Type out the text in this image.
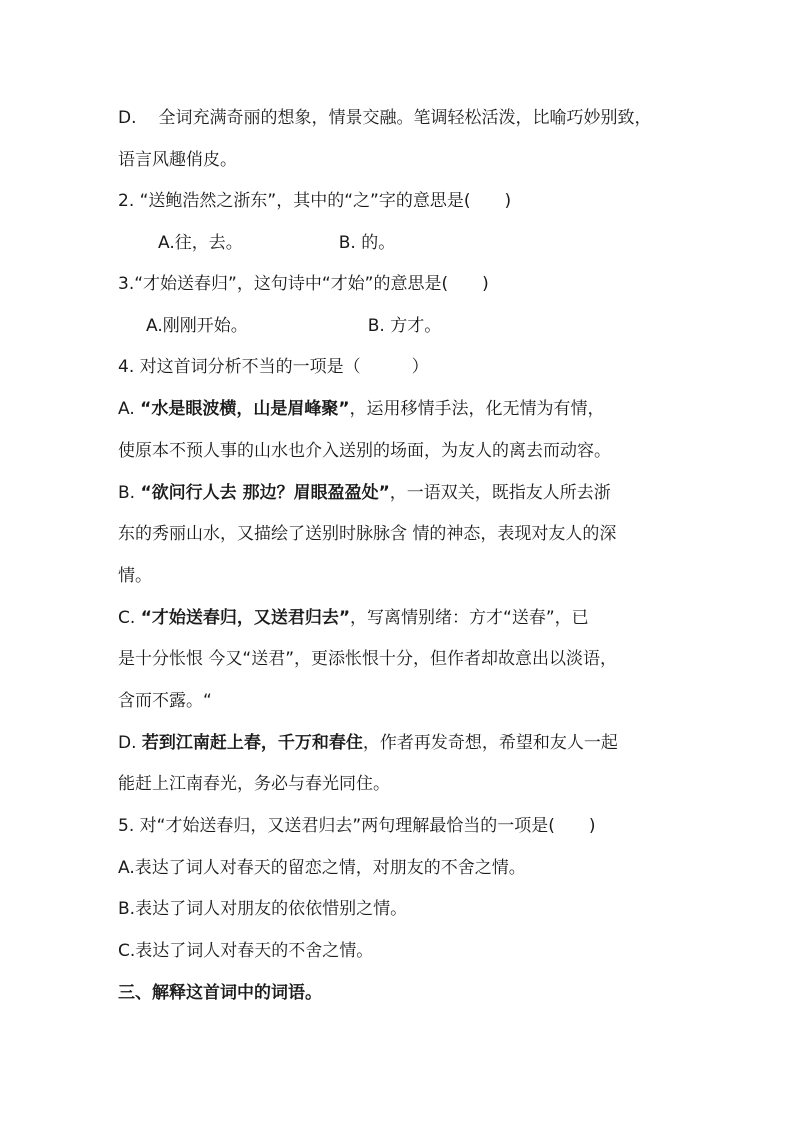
D. 全词充满奇丽的想象，情景交融。笔调轻松活泼，比喻巧妙别致，
语言风趣俏皮。
2. “送鲍浩然之浙东”，其中的“之”字的意思是(　　)
A.往，去。	B. 的。
3.“才始送春归”，这句诗中“才始”的意思是(　　)
A.刚刚开始。	B. 方才。
4. 对这首词分析不当的一项是（　　　）
A. “水是眼波横，山是眉峰聚”，运用移情手法，化无情为有情，
使原本不预人事的山水也介入送别的场面，为友人的离去而动容。
B. “欲问行人去 那边？眉眼盈盈处”，一语双关，既指友人所去浙
东的秀丽山水，又描绘了送别时脉脉含 情的神态，表现对友人的深
情。
C. “才始送春归，又送君归去”，写离情别绪：方才“送春”，已
是十分怅恨 今又“送君”，更添怅恨十分，但作者却故意出以淡语，
含而不露。“
D. 若到江南赶上春，千万和春住，作者再发奇想，希望和友人一起
能赶上江南春光，务必与春光同住。
5. 对“才始送春归，又送君归去”两句理解最恰当的一项是(　　)
A.表达了词人对春天的留恋之情，对朋友的不舍之情。
B.表达了词人对朋友的依依惜别之情。
C.表达了词人对春天的不舍之情。
三、解释这首词中的词语。
